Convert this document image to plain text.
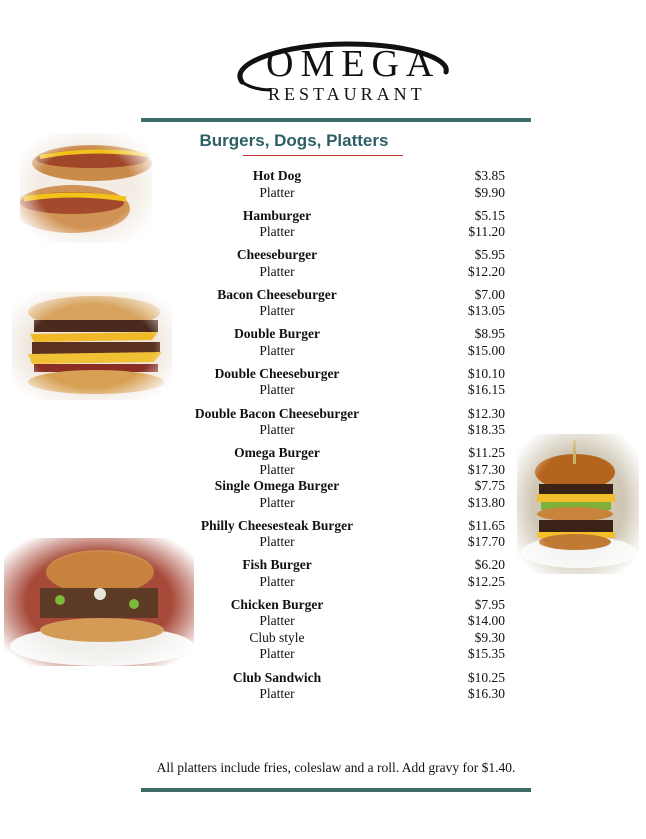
OMEGA
RESTAURANT
Burgers, Dogs, Platters
Hot Dog	$3.85
Platter	$9.90
Hamburger	$5.15
Platter	$11.20
Cheeseburger	$5.95
Platter	$12.20
Bacon Cheeseburger	$7.00
Platter	$13.05
Double Burger	$8.95
Platter	$15.00
Double Cheeseburger	$10.10
Platter	$16.15
Double Bacon Cheeseburger	$12.30
Platter	$18.35
Omega Burger	$11.25
Platter	$17.30
Single Omega Burger	$7.75
Platter	$13.80
Philly Cheesesteak Burger	$11.65
Platter	$17.70
Fish Burger	$6.20
Platter	$12.25
Chicken Burger	$7.95
Platter	$14.00
Club style	$9.30
Platter	$15.35
Club Sandwich	$10.25
Platter	$16.30
All platters include fries, coleslaw and a roll. Add gravy for $1.40.
